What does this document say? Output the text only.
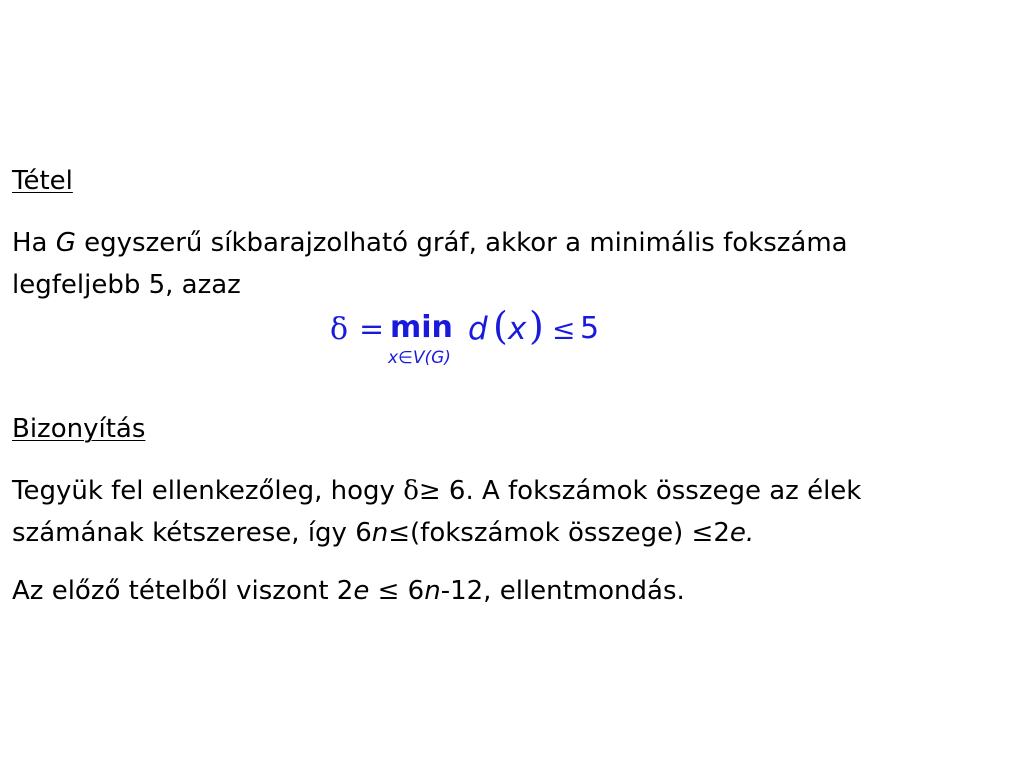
Tétel
Ha G egyszerű síkbarajzolható gráf, akkor a minimális fokszáma
legfeljebb 5, azaz
δ = min d ( x ) ≤ 5
x∈V(G)
Bizonyítás
Tegyük fel ellenkezőleg, hogy δ≥ 6. A fokszámok összege az élek
számának kétszerese, így 6n≤(fokszámok összege) ≤2e.
Az előző tételből viszont 2e ≤ 6n-12, ellentmondás.
